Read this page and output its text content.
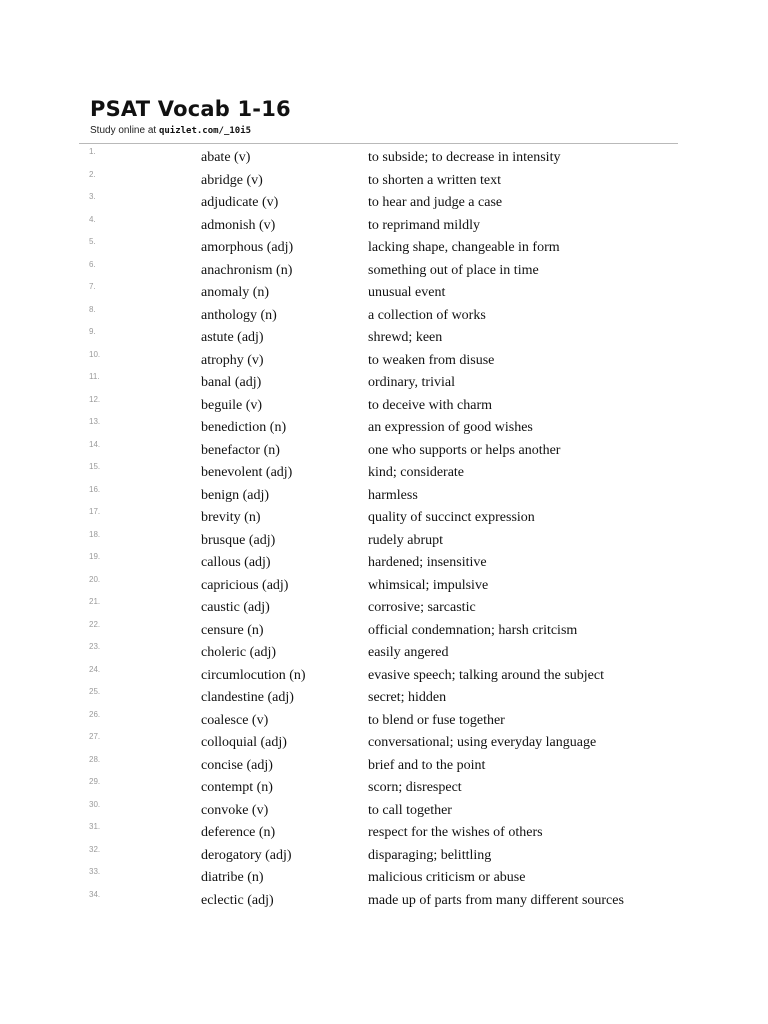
PSAT Vocab 1-16
Study online at quizlet.com/_10i5
1.	abate (v)	to subside; to decrease in intensity
2.	abridge (v)	to shorten a written text
3.	adjudicate (v)	to hear and judge a case
4.	admonish (v)	to reprimand mildly
5.	amorphous (adj)	lacking shape, changeable in form
6.	anachronism (n)	something out of place in time
7.	anomaly (n)	unusual event
8.	anthology (n)	a collection of works
9.	astute (adj)	shrewd; keen
10.	atrophy (v)	to weaken from disuse
11.	banal (adj)	ordinary, trivial
12.	beguile (v)	to deceive with charm
13.	benediction (n)	an expression of good wishes
14.	benefactor (n)	one who supports or helps another
15.	benevolent (adj)	kind; considerate
16.	benign (adj)	harmless
17.	brevity (n)	quality of succinct expression
18.	brusque (adj)	rudely abrupt
19.	callous (adj)	hardened; insensitive
20.	capricious (adj)	whimsical; impulsive
21.	caustic (adj)	corrosive; sarcastic
22.	censure (n)	official condemnation; harsh critcism
23.	choleric (adj)	easily angered
24.	circumlocution (n)	evasive speech; talking around the subject
25.	clandestine (adj)	secret; hidden
26.	coalesce (v)	to blend or fuse together
27.	colloquial (adj)	conversational; using everyday language
28.	concise (adj)	brief and to the point
29.	contempt (n)	scorn; disrespect
30.	convoke (v)	to call together
31.	deference (n)	respect for the wishes of others
32.	derogatory (adj)	disparaging; belittling
33.	diatribe (n)	malicious criticism or abuse
34.	eclectic (adj)	made up of parts from many different sources
